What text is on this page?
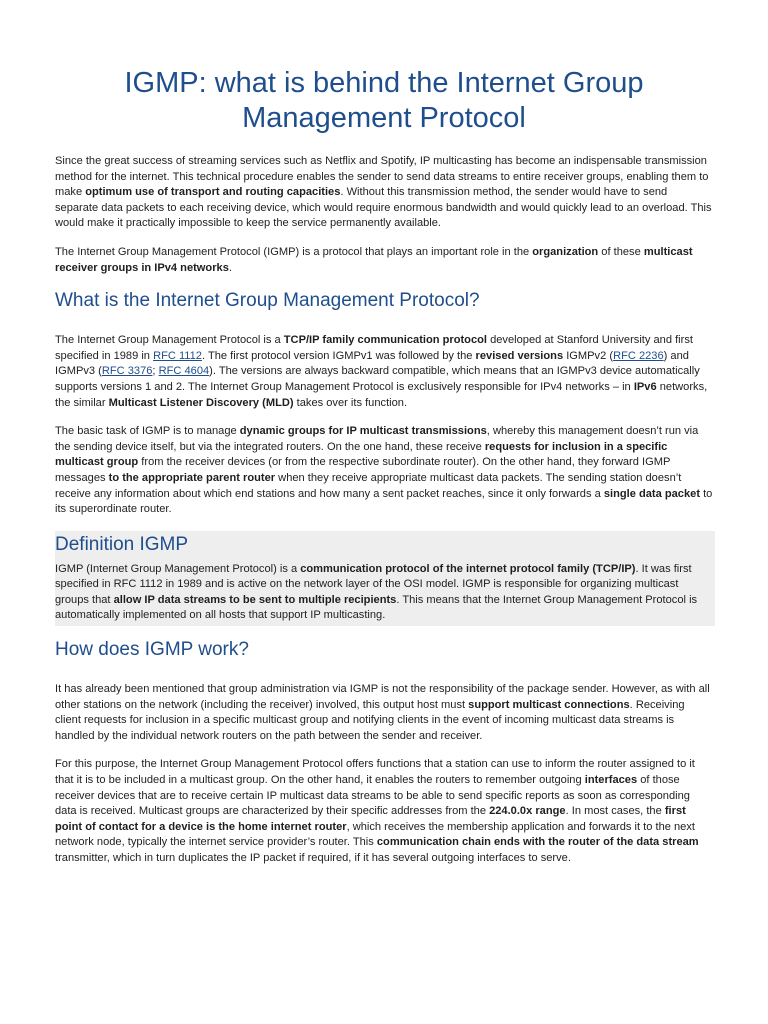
IGMP: what is behind the Internet Group Management Protocol

Since the great success of streaming services such as Netflix and Spotify, IP multicasting has become an indispensable transmission method for the internet. This technical procedure enables the sender to send data streams to entire receiver groups, enabling them to make optimum use of transport and routing capacities. Without this transmission method, the sender would have to send separate data packets to each receiving device, which would require enormous bandwidth and would quickly lead to an overload. This would make it practically impossible to keep the service permanently available.

The Internet Group Management Protocol (IGMP) is a protocol that plays an important role in the organization of these multicast receiver groups in IPv4 networks.

What is the Internet Group Management Protocol?

The Internet Group Management Protocol is a TCP/IP family communication protocol developed at Stanford University and first specified in 1989 in RFC 1112. The first protocol version IGMPv1 was followed by the revised versions IGMPv2 (RFC 2236) and IGMPv3 (RFC 3376; RFC 4604). The versions are always backward compatible, which means that an IGMPv3 device automatically supports versions 1 and 2. The Internet Group Management Protocol is exclusively responsible for IPv4 networks – in IPv6 networks, the similar Multicast Listener Discovery (MLD) takes over its function.

The basic task of IGMP is to manage dynamic groups for IP multicast transmissions, whereby this management doesn’t run via the sending device itself, but via the integrated routers. On the one hand, these receive requests for inclusion in a specific multicast group from the receiver devices (or from the respective subordinate router). On the other hand, they forward IGMP messages to the appropriate parent router when they receive appropriate multicast data packets. The sending station doesn’t receive any information about which end stations and how many a sent packet reaches, since it only forwards a single data packet to its superordinate router.

Definition IGMP

IGMP (Internet Group Management Protocol) is a communication protocol of the internet protocol family (TCP/IP). It was first specified in RFC 1112 in 1989 and is active on the network layer of the OSI model. IGMP is responsible for organizing multicast groups that allow IP data streams to be sent to multiple recipients. This means that the Internet Group Management Protocol is automatically implemented on all hosts that support IP multicasting.

How does IGMP work?

It has already been mentioned that group administration via IGMP is not the responsibility of the package sender. However, as with all other stations on the network (including the receiver) involved, this output host must support multicast connections. Receiving client requests for inclusion in a specific multicast group and notifying clients in the event of incoming multicast data streams is handled by the individual network routers on the path between the sender and receiver.

For this purpose, the Internet Group Management Protocol offers functions that a station can use to inform the router assigned to it that it is to be included in a multicast group. On the other hand, it enables the routers to remember outgoing interfaces of those receiver devices that are to receive certain IP multicast data streams to be able to send specific reports as soon as corresponding data is received. Multicast groups are characterized by their specific addresses from the 224.0.0x range. In most cases, the first point of contact for a device is the home internet router, which receives the membership application and forwards it to the next network node, typically the internet service provider’s router. This communication chain ends with the router of the data stream transmitter, which in turn duplicates the IP packet if required, if it has several outgoing interfaces to serve.
